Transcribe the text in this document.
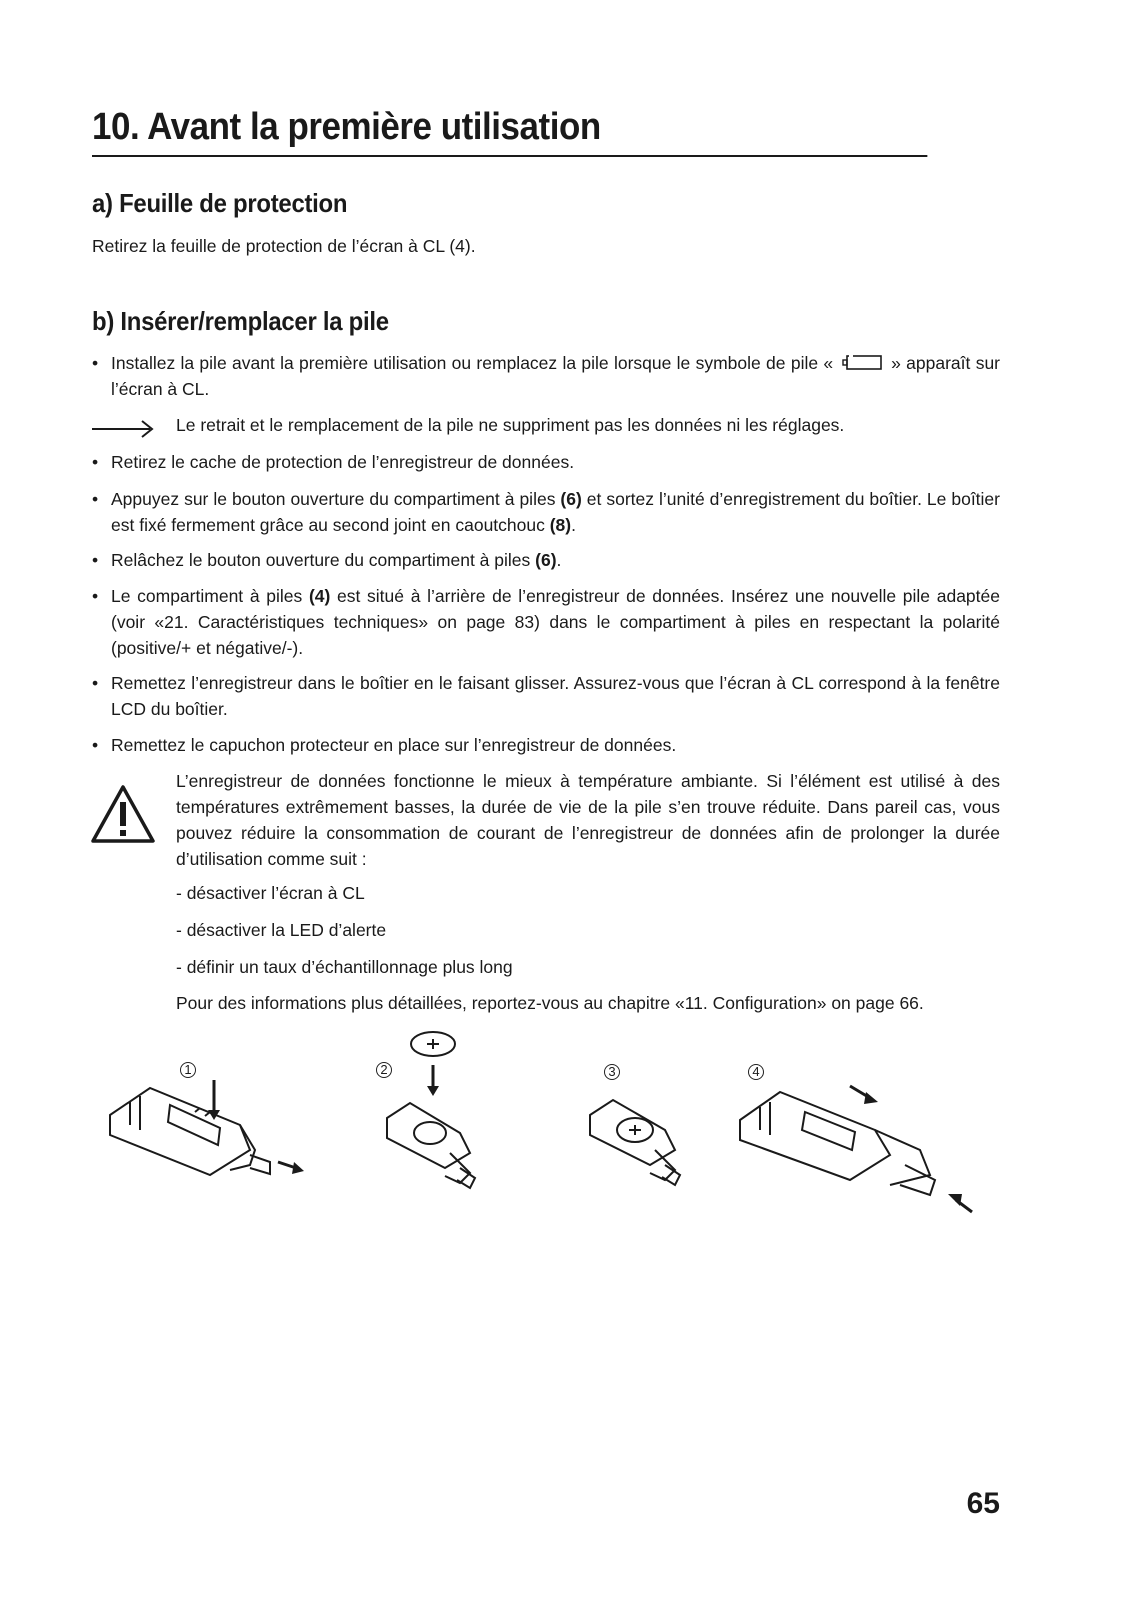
10. Avant la première utilisation
a) Feuille de protection
Retirez la feuille de protection de l’écran à CL (4).
b) Insérer/remplacer la pile
• Installez la pile avant la première utilisation ou remplacez la pile lorsque le symbole de pile «	» apparaît sur l’écran à CL.
Le retrait et le remplacement de la pile ne suppriment pas les données ni les réglages.
• Retirez le cache de protection de l’enregistreur de données.
• Appuyez sur le bouton ouverture du compartiment à piles (6) et sortez l’unité d’enregistrement du boîtier. Le boîtier est fixé fermement grâce au second joint en caoutchouc (8).
• Relâchez le bouton ouverture du compartiment à piles (6).
• Le compartiment à piles (4) est situé à l’arrière de l’enregistreur de données. Insérez une nouvelle pile adaptée (voir «21. Caractéristiques techniques» on page 83) dans le compartiment à piles en respectant la polarité (positive/+ et négative/-).
• Remettez l’enregistreur dans le boîtier en le faisant glisser. Assurez-vous que l’écran à CL correspond à la fenêtre LCD du boîtier.
• Remettez le capuchon protecteur en place sur l’enregistreur de données.
L’enregistreur de données fonctionne le mieux à température ambiante. Si l’élément est utilisé à des températures extrêmement basses, la durée de vie de la pile s’en trouve réduite. Dans pareil cas, vous pouvez réduire la consommation de courant de l’enregistreur de données afin de prolonger la durée d’utilisation comme suit :
- désactiver l’écran à CL
- désactiver la LED d’alerte
- définir un taux d’échantillonnage plus long
Pour des informations plus détaillées, reportez-vous au chapitre «11. Configuration» on page 66.
1	2	3	4
65
